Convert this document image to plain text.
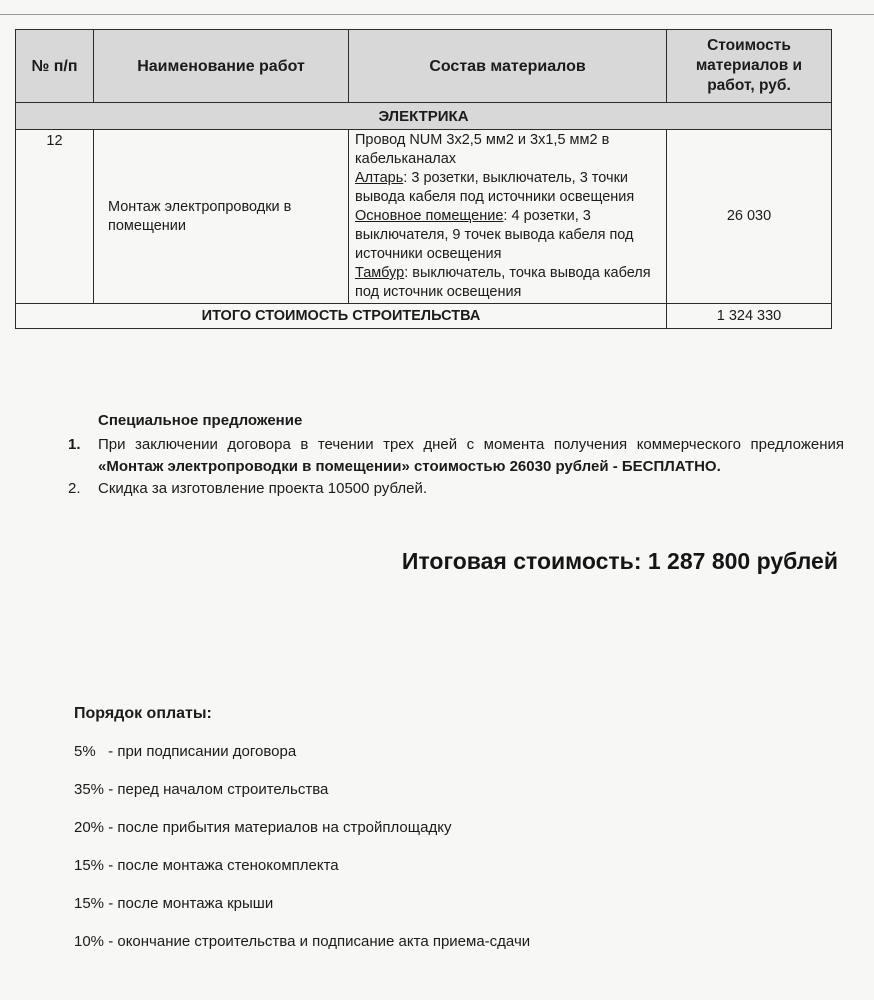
№ п/п	Наименование работ	Состав материалов	Стоимость
материалов и
работ, руб.
ЭЛЕКТРИКА			
12	Монтаж электропроводки в помещении	Провод NUM 3х2,5 мм2 и 3х1,5 мм2 в кабельканалах
Алтарь: 3 розетки, выключатель, 3 точки вывода кабеля под источники освещения
Основное помещение: 4 розетки, 3 выключателя, 9 точек вывода кабеля под источники освещения
Тамбур: выключатель, точка вывода кабеля под источник освещения	26 030
ИТОГО СТОИМОСТЬ СТРОИТЕЛЬСТВА			1 324 330
Специальное предложение
1. При заключении договора в течении трех дней с момента получения коммерческого предложения «Монтаж электропроводки в помещении» стоимостью 26030 рублей - БЕСПЛАТНО.
2. Скидка за изготовление проекта 10500 рублей.
Итоговая стоимость: 1 287 800 рублей
Порядок оплаты:
5%   - при подписании договора
35% - перед началом строительства
20% - после прибытия материалов на стройплощадку
15% - после монтажа стенокомплекта
15% - после монтажа крыши
10% - окончание строительства и подписание акта приема-сдачи
